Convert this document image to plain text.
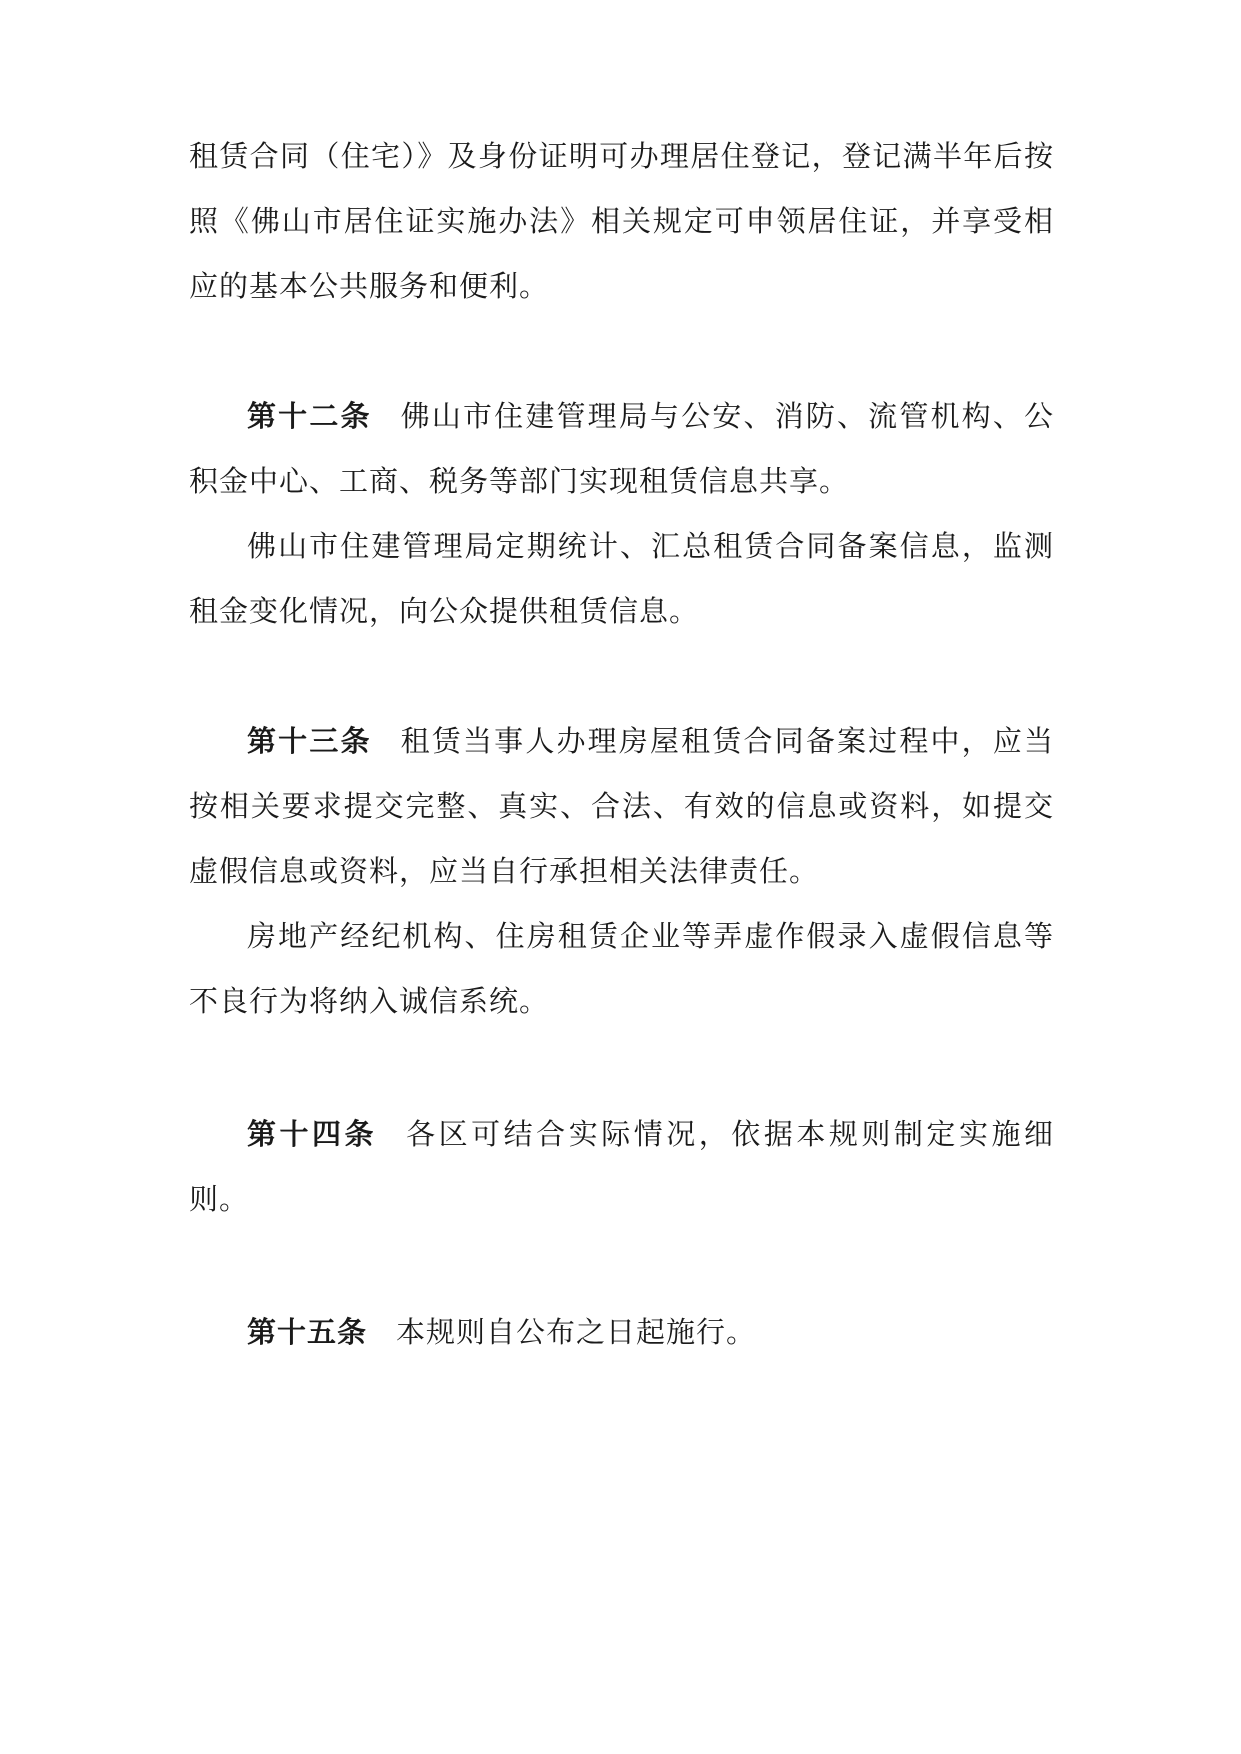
租赁合同（住宅）》及身份证明可办理居住登记，登记满半年后按照《佛山市居住证实施办法》相关规定可申领居住证，并享受相应的基本公共服务和便利。

第十二条 佛山市住建管理局与公安、消防、流管机构、公积金中心、工商、税务等部门实现租赁信息共享。

佛山市住建管理局定期统计、汇总租赁合同备案信息，监测租金变化情况，向公众提供租赁信息。

第十三条 租赁当事人办理房屋租赁合同备案过程中，应当按相关要求提交完整、真实、合法、有效的信息或资料，如提交虚假信息或资料，应当自行承担相关法律责任。

房地产经纪机构、住房租赁企业等弄虚作假录入虚假信息等不良行为将纳入诚信系统。

第十四条 各区可结合实际情况，依据本规则制定实施细则。

第十五条 本规则自公布之日起施行。
